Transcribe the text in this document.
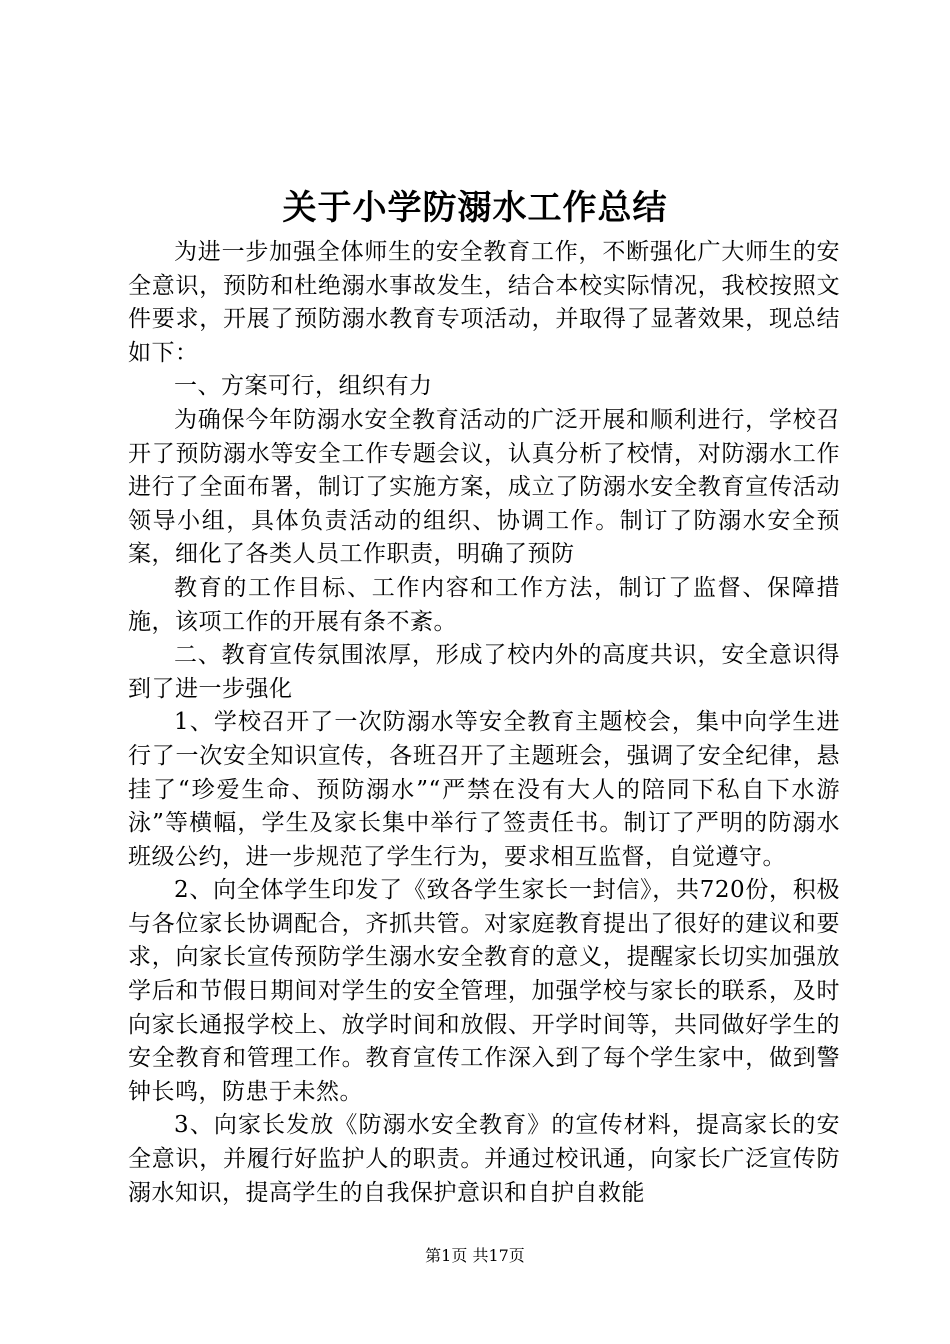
关于小学防溺水工作总结

为进一步加强全体师生的安全教育工作，不断强化广大师生的安全意识，预防和杜绝溺水事故发生，结合本校实际情况，我校按照文件要求，开展了预防溺水教育专项活动，并取得了显著效果，现总结如下：

一、方案可行，组织有力

为确保今年防溺水安全教育活动的广泛开展和顺利进行，学校召开了预防溺水等安全工作专题会议，认真分析了校情，对防溺水工作进行了全面布署，制订了实施方案，成立了防溺水安全教育宣传活动领导小组，具体负责活动的组织、协调工作。制订了防溺水安全预案，细化了各类人员工作职责，明确了预防

教育的工作目标、工作内容和工作方法，制订了监督、保障措施，该项工作的开展有条不紊。

二、教育宣传氛围浓厚，形成了校内外的高度共识，安全意识得到了进一步强化

1、学校召开了一次防溺水等安全教育主题校会，集中向学生进行了一次安全知识宣传，各班召开了主题班会，强调了安全纪律，悬挂了“珍爱生命、预防溺水”“严禁在没有大人的陪同下私自下水游泳”等横幅，学生及家长集中举行了签责任书。制订了严明的防溺水班级公约，进一步规范了学生行为，要求相互监督，自觉遵守。

2、向全体学生印发了《致各学生家长一封信》，共720份，积极与各位家长协调配合，齐抓共管。对家庭教育提出了很好的建议和要求，向家长宣传预防学生溺水安全教育的意义，提醒家长切实加强放学后和节假日期间对学生的安全管理，加强学校与家长的联系，及时向家长通报学校上、放学时间和放假、开学时间等，共同做好学生的安全教育和管理工作。教育宣传工作深入到了每个学生家中，做到警钟长鸣，防患于未然。

3、向家长发放《防溺水安全教育》的宣传材料，提高家长的安全意识，并履行好监护人的职责。并通过校讯通，向家长广泛宣传防溺水知识，提高学生的自我保护意识和自护自救能

第1页 共17页
